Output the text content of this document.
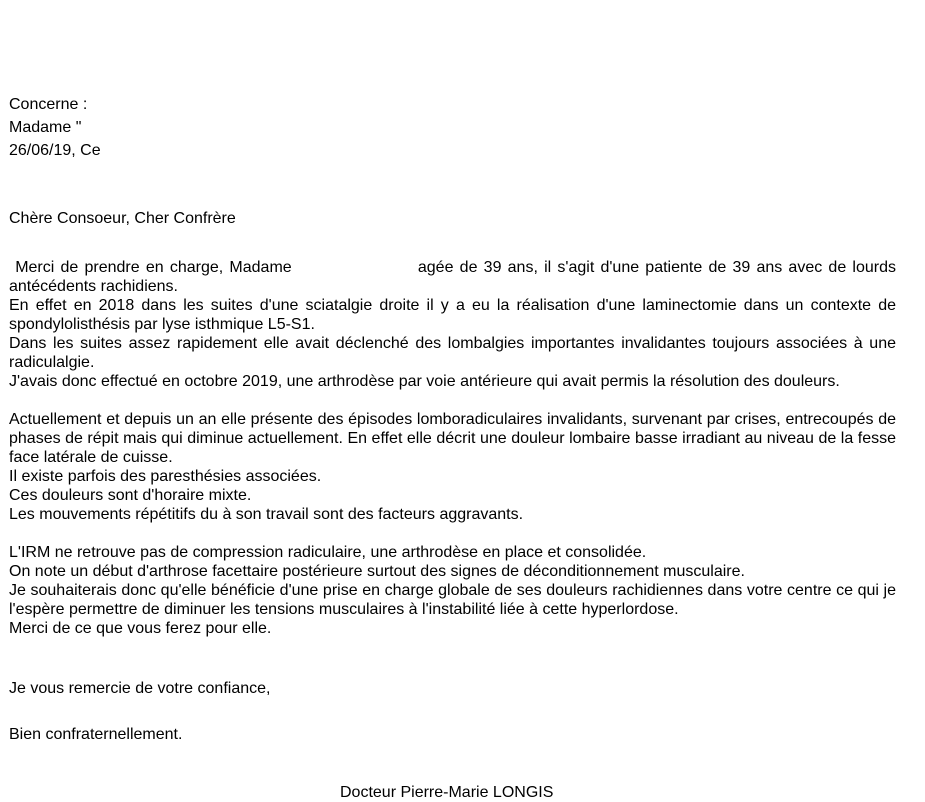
Concerne :
Madame "
26/06/19, Ce
Chère Consoeur, Cher Confrère

Merci de prendre en charge, Madame	agée de 39 ans, il s'agit d'une patiente de 39 ans avec de lourds antécédents rachidiens.
En effet en 2018 dans les suites d'une sciatalgie droite il y a eu la réalisation d'une laminectomie dans un contexte de spondylolisthésis par lyse isthmique L5-S1.
Dans les suites assez rapidement elle avait déclenché des lombalgies importantes invalidantes toujours associées à une radiculalgie.
J'avais donc effectué en octobre 2019, une arthrodèse par voie antérieure qui avait permis la résolution des douleurs.

Actuellement et depuis un an elle présente des épisodes lomboradiculaires invalidants, survenant par crises, entrecoupés de phases de répit mais qui diminue actuellement. En effet elle décrit une douleur lombaire basse irradiant au niveau de la fesse face latérale de cuisse.
Il existe parfois des paresthésies associées.
Ces douleurs sont d'horaire mixte.
Les mouvements répétitifs du à son travail sont des facteurs aggravants.

L'IRM ne retrouve pas de compression radiculaire, une arthrodèse en place et consolidée.
On note un début d'arthrose facettaire postérieure surtout des signes de déconditionnement musculaire.
Je souhaiterais donc qu'elle bénéficie d'une prise en charge globale de ses douleurs rachidiennes dans votre centre ce qui je l'espère permettre de diminuer les tensions musculaires à l'instabilité liée à cette hyperlordose.
Merci de ce que vous ferez pour elle.

Je vous remercie de votre confiance,
Bien confraternellement.
Docteur Pierre-Marie LONGIS
